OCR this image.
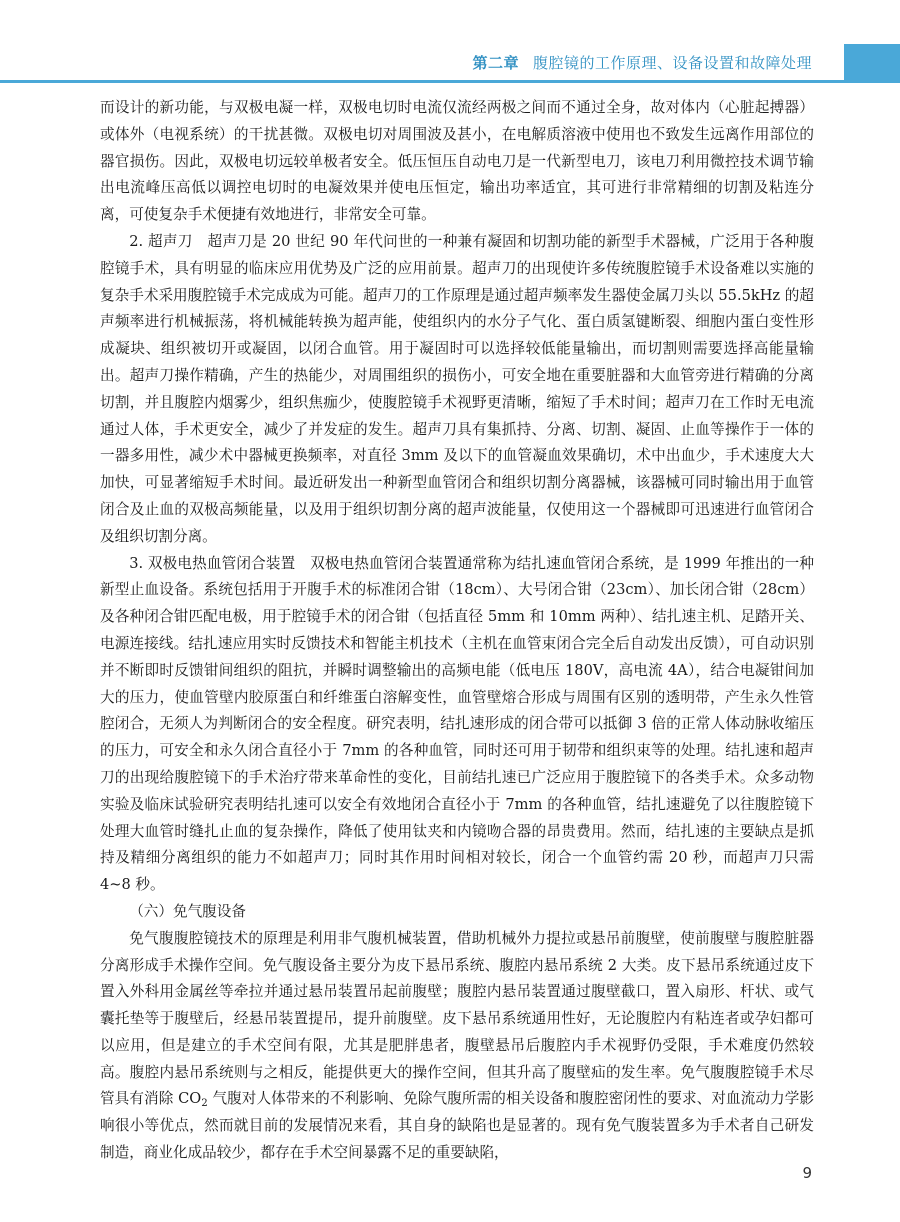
第二章 腹腔镜的工作原理、设备设置和故障处理

而设计的新功能，与双极电凝一样，双极电切时电流仅流经两极之间而不通过全身，故对体内（心脏起搏器）或体外（电视系统）的干扰甚微。双极电切对周围波及甚小，在电解质溶液中使用也不致发生远离作用部位的器官损伤。因此，双极电切远较单极者安全。低压恒压自动电刀是一代新型电刀，该电刀利用微控技术调节输出电流峰压高低以调控电切时的电凝效果并使电压恒定，输出功率适宜，其可进行非常精细的切割及粘连分离，可使复杂手术便捷有效地进行，非常安全可靠。

2. 超声刀　超声刀是 20 世纪 90 年代问世的一种兼有凝固和切割功能的新型手术器械，广泛用于各种腹腔镜手术，具有明显的临床应用优势及广泛的应用前景。超声刀的出现使许多传统腹腔镜手术设备难以实施的复杂手术采用腹腔镜手术完成成为可能。超声刀的工作原理是通过超声频率发生器使金属刀头以 55.5kHz 的超声频率进行机械振荡，将机械能转换为超声能，使组织内的水分子气化、蛋白质氢键断裂、细胞内蛋白变性形成凝块、组织被切开或凝固，以闭合血管。用于凝固时可以选择较低能量输出，而切割则需要选择高能量输出。超声刀操作精确，产生的热能少，对周围组织的损伤小，可安全地在重要脏器和大血管旁进行精确的分离切割，并且腹腔内烟雾少，组织焦痂少，使腹腔镜手术视野更清晰，缩短了手术时间；超声刀在工作时无电流通过人体，手术更安全，减少了并发症的发生。超声刀具有集抓持、分离、切割、凝固、止血等操作于一体的一器多用性，减少术中器械更换频率，对直径 3mm 及以下的血管凝血效果确切，术中出血少，手术速度大大加快，可显著缩短手术时间。最近研发出一种新型血管闭合和组织切割分离器械，该器械可同时输出用于血管闭合及止血的双极高频能量，以及用于组织切割分离的超声波能量，仅使用这一个器械即可迅速进行血管闭合及组织切割分离。

3. 双极电热血管闭合装置　双极电热血管闭合装置通常称为结扎速血管闭合系统，是 1999 年推出的一种新型止血设备。系统包括用于开腹手术的标准闭合钳（18cm）、大号闭合钳（23cm）、加长闭合钳（28cm）及各种闭合钳匹配电极，用于腔镜手术的闭合钳（包括直径 5mm 和 10mm 两种）、结扎速主机、足踏开关、电源连接线。结扎速应用实时反馈技术和智能主机技术（主机在血管束闭合完全后自动发出反馈），可自动识别并不断即时反馈钳间组织的阻抗，并瞬时调整输出的高频电能（低电压 180V，高电流 4A），结合电凝钳间加大的压力，使血管壁内胶原蛋白和纤维蛋白溶解变性，血管壁熔合形成与周围有区别的透明带，产生永久性管腔闭合，无须人为判断闭合的安全程度。研究表明，结扎速形成的闭合带可以抵御 3 倍的正常人体动脉收缩压的压力，可安全和永久闭合直径小于 7mm 的各种血管，同时还可用于韧带和组织束等的处理。结扎速和超声刀的出现给腹腔镜下的手术治疗带来革命性的变化，目前结扎速已广泛应用于腹腔镜下的各类手术。众多动物实验及临床试验研究表明结扎速可以安全有效地闭合直径小于 7mm 的各种血管，结扎速避免了以往腹腔镜下处理大血管时缝扎止血的复杂操作，降低了使用钛夹和内镜吻合器的昂贵费用。然而，结扎速的主要缺点是抓持及精细分离组织的能力不如超声刀；同时其作用时间相对较长，闭合一个血管约需 20 秒，而超声刀只需 4~8 秒。

（六）免气腹设备

免气腹腹腔镜技术的原理是利用非气腹机械装置，借助机械外力提拉或悬吊前腹壁，使前腹壁与腹腔脏器分离形成手术操作空间。免气腹设备主要分为皮下悬吊系统、腹腔内悬吊系统 2 大类。皮下悬吊系统通过皮下置入外科用金属丝等牵拉并通过悬吊装置吊起前腹壁；腹腔内悬吊装置通过腹壁截口，置入扇形、杆状、或气囊托垫等于腹壁后，经悬吊装置提吊，提升前腹壁。皮下悬吊系统通用性好，无论腹腔内有粘连者或孕妇都可以应用，但是建立的手术空间有限，尤其是肥胖患者，腹壁悬吊后腹腔内手术视野仍受限，手术难度仍然较高。腹腔内悬吊系统则与之相反，能提供更大的操作空间，但其升高了腹壁疝的发生率。免气腹腹腔镜手术尽管具有消除 $CO_2$ 气腹对人体带来的不利影响、免除气腹所需的相关设备和腹腔密闭性的要求、对血流动力学影响很小等优点，然而就目前的发展情况来看，其自身的缺陷也是显著的。现有免气腹装置多为手术者自己研发制造，商业化成品较少，都存在手术空间暴露不足的重要缺陷，

9
